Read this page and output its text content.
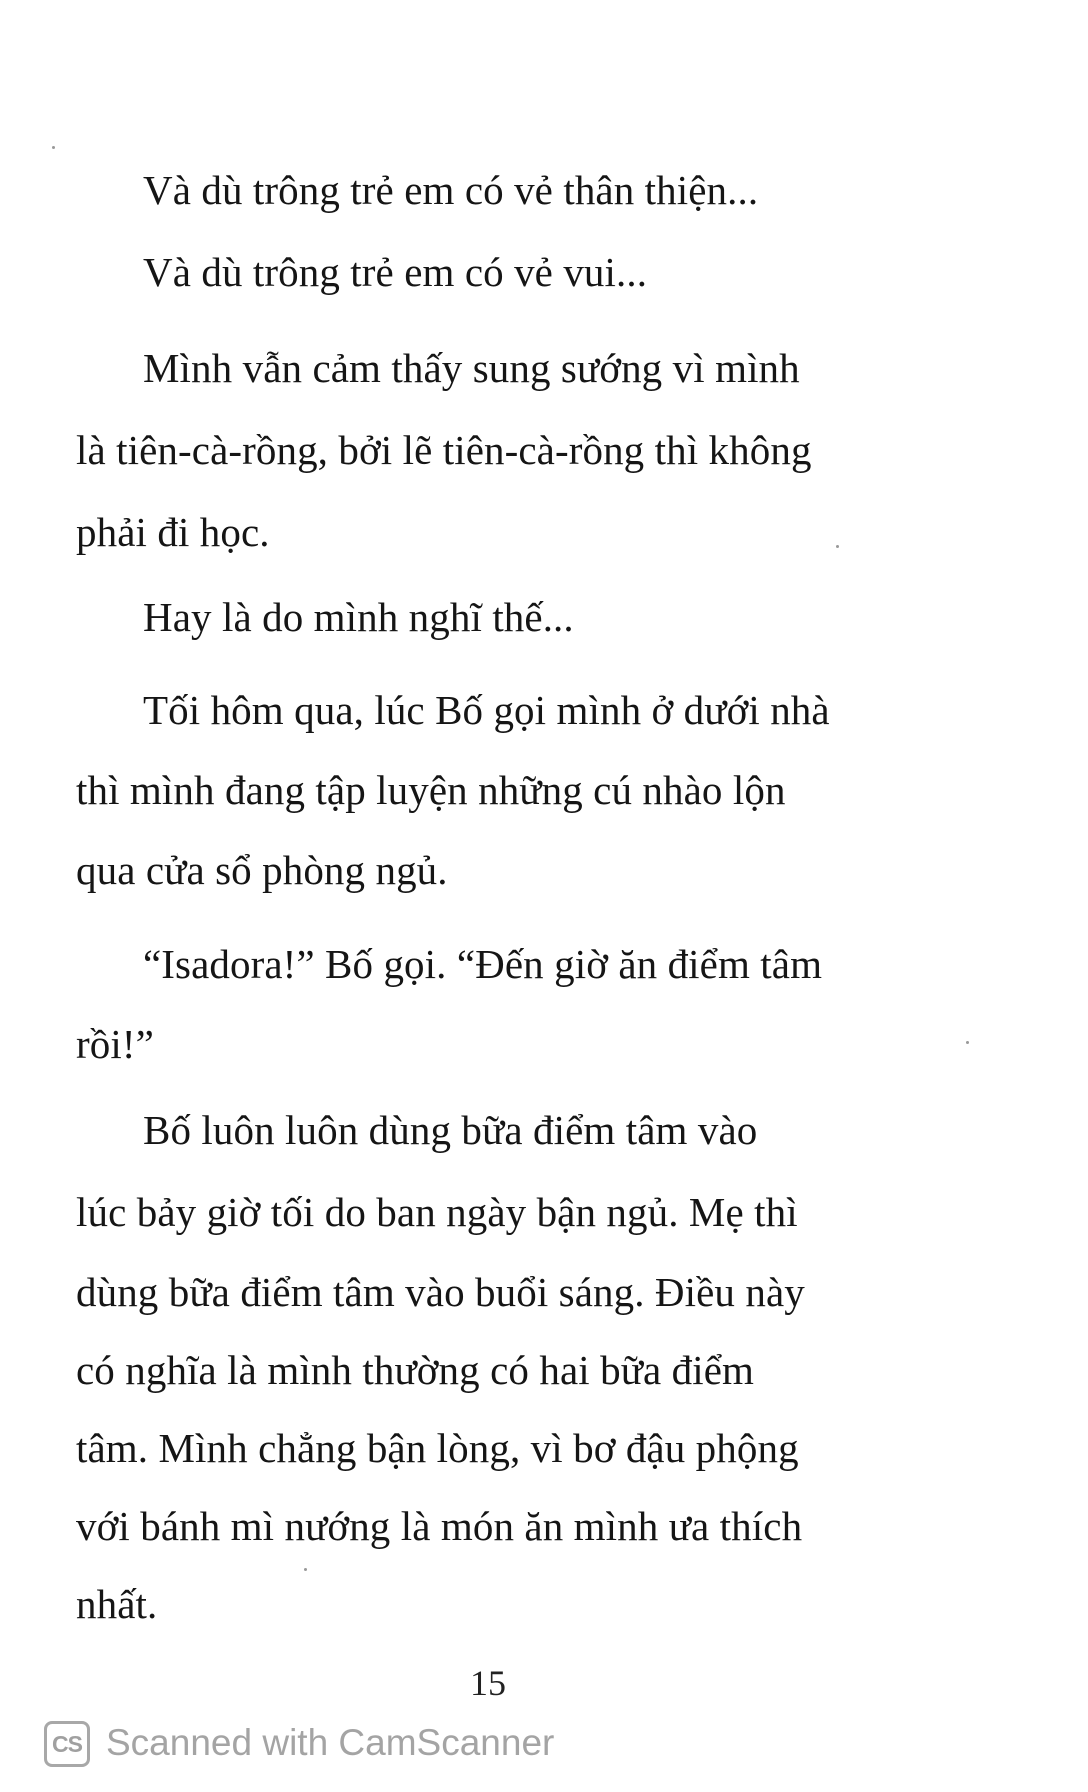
Và dù trông trẻ em có vẻ thân thiện...
Và dù trông trẻ em có vẻ vui...
Mình vẫn cảm thấy sung sướng vì mình
là tiên-cà-rồng, bởi lẽ tiên-cà-rồng thì không
phải đi học.
Hay là do mình nghĩ thế...
Tối hôm qua, lúc Bố gọi mình ở dưới nhà
thì mình đang tập luyện những cú nhào lộn
qua cửa sổ phòng ngủ.
“Isadora!” Bố gọi. “Đến giờ ăn điểm tâm
rồi!”
Bố luôn luôn dùng bữa điểm tâm vào
lúc bảy giờ tối do ban ngày bận ngủ. Mẹ thì
dùng bữa điểm tâm vào buổi sáng. Điều này
có nghĩa là mình thường có hai bữa điểm
tâm. Mình chẳng bận lòng, vì bơ đậu phộng
với bánh mì nướng là món ăn mình ưa thích
nhất.
15
CS Scanned with CamScanner
